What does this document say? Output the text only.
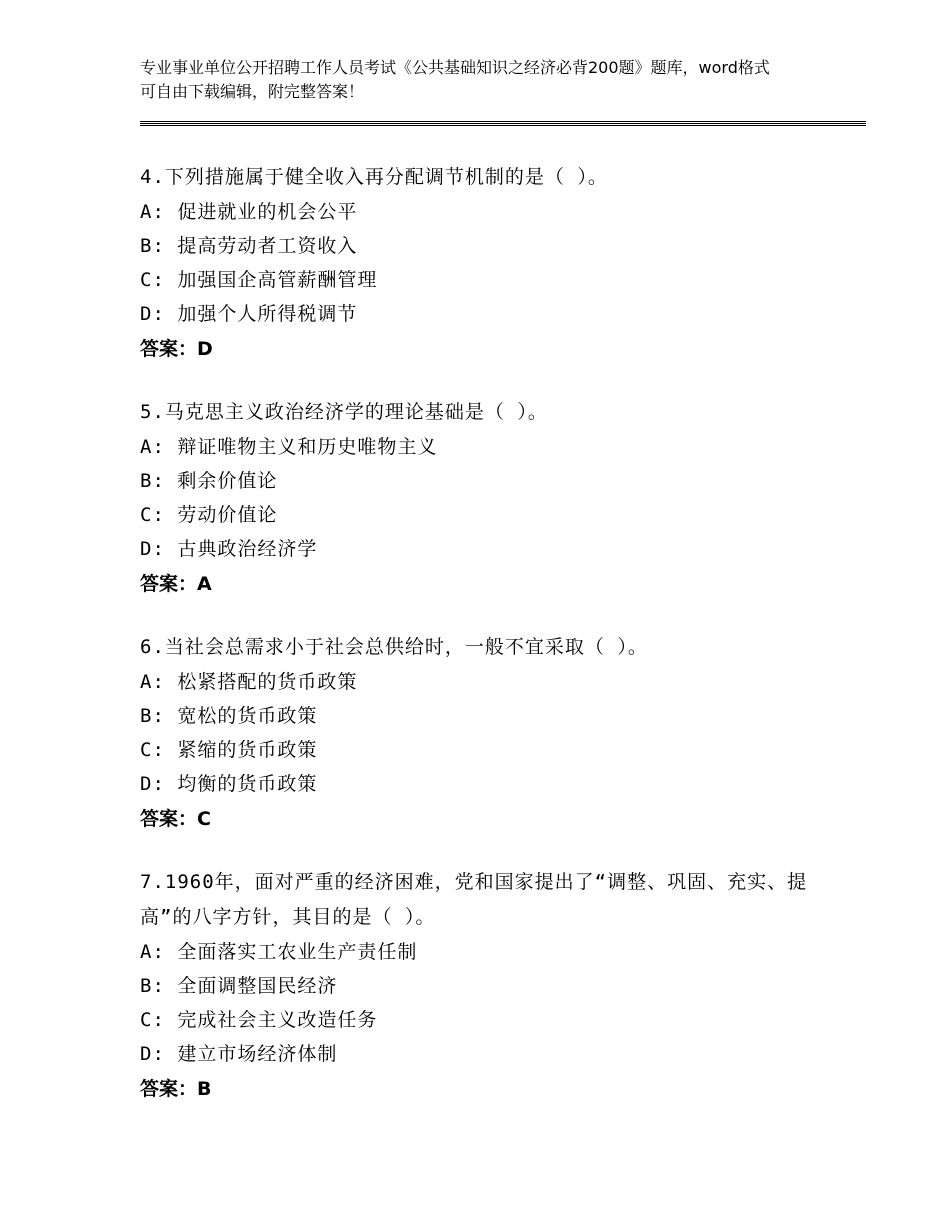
专业事业单位公开招聘工作人员考试《公共基础知识之经济必背200题》题库，word格式可自由下载编辑，附完整答案！

4.下列措施属于健全收入再分配调节机制的是（ ）。

A: 促进就业的机会公平

B: 提高劳动者工资收入

C: 加强国企高管薪酬管理

D: 加强个人所得税调节

答案：D

5.马克思主义政治经济学的理论基础是（ ）。

A: 辩证唯物主义和历史唯物主义

B: 剩余价值论

C: 劳动价值论

D: 古典政治经济学

答案：A

6.当社会总需求小于社会总供给时，一般不宜采取（ ）。

A: 松紧搭配的货币政策

B: 宽松的货币政策

C: 紧缩的货币政策

D: 均衡的货币政策

答案：C

7.1960年，面对严重的经济困难，党和国家提出了“调整、巩固、充实、提高”的八字方针，其目的是（ ）。

A: 全面落实工农业生产责任制

B: 全面调整国民经济

C: 完成社会主义改造任务

D: 建立市场经济体制

答案：B
